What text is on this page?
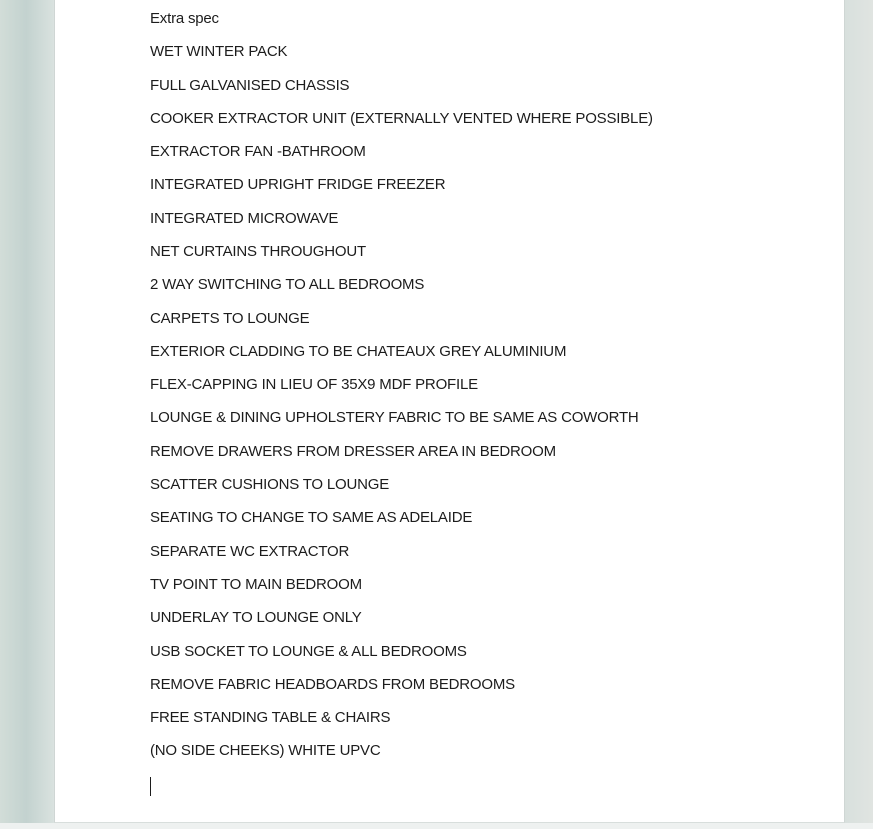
Extra spec
WET WINTER PACK
FULL GALVANISED CHASSIS
COOKER EXTRACTOR UNIT (EXTERNALLY VENTED WHERE POSSIBLE)
EXTRACTOR FAN -BATHROOM
INTEGRATED UPRIGHT FRIDGE FREEZER
INTEGRATED MICROWAVE
NET CURTAINS THROUGHOUT
2 WAY SWITCHING TO ALL BEDROOMS
CARPETS TO LOUNGE
EXTERIOR CLADDING TO BE CHATEAUX GREY ALUMINIUM
FLEX-CAPPING IN LIEU OF 35X9 MDF PROFILE
LOUNGE & DINING UPHOLSTERY FABRIC TO BE SAME AS COWORTH
REMOVE DRAWERS FROM DRESSER AREA IN BEDROOM
SCATTER CUSHIONS TO LOUNGE
SEATING TO CHANGE TO SAME AS ADELAIDE
SEPARATE WC EXTRACTOR
TV POINT TO MAIN BEDROOM
UNDERLAY TO LOUNGE ONLY
USB SOCKET TO LOUNGE & ALL BEDROOMS
REMOVE FABRIC HEADBOARDS FROM BEDROOMS
FREE STANDING TABLE & CHAIRS
(NO SIDE CHEEKS) WHITE UPVC
